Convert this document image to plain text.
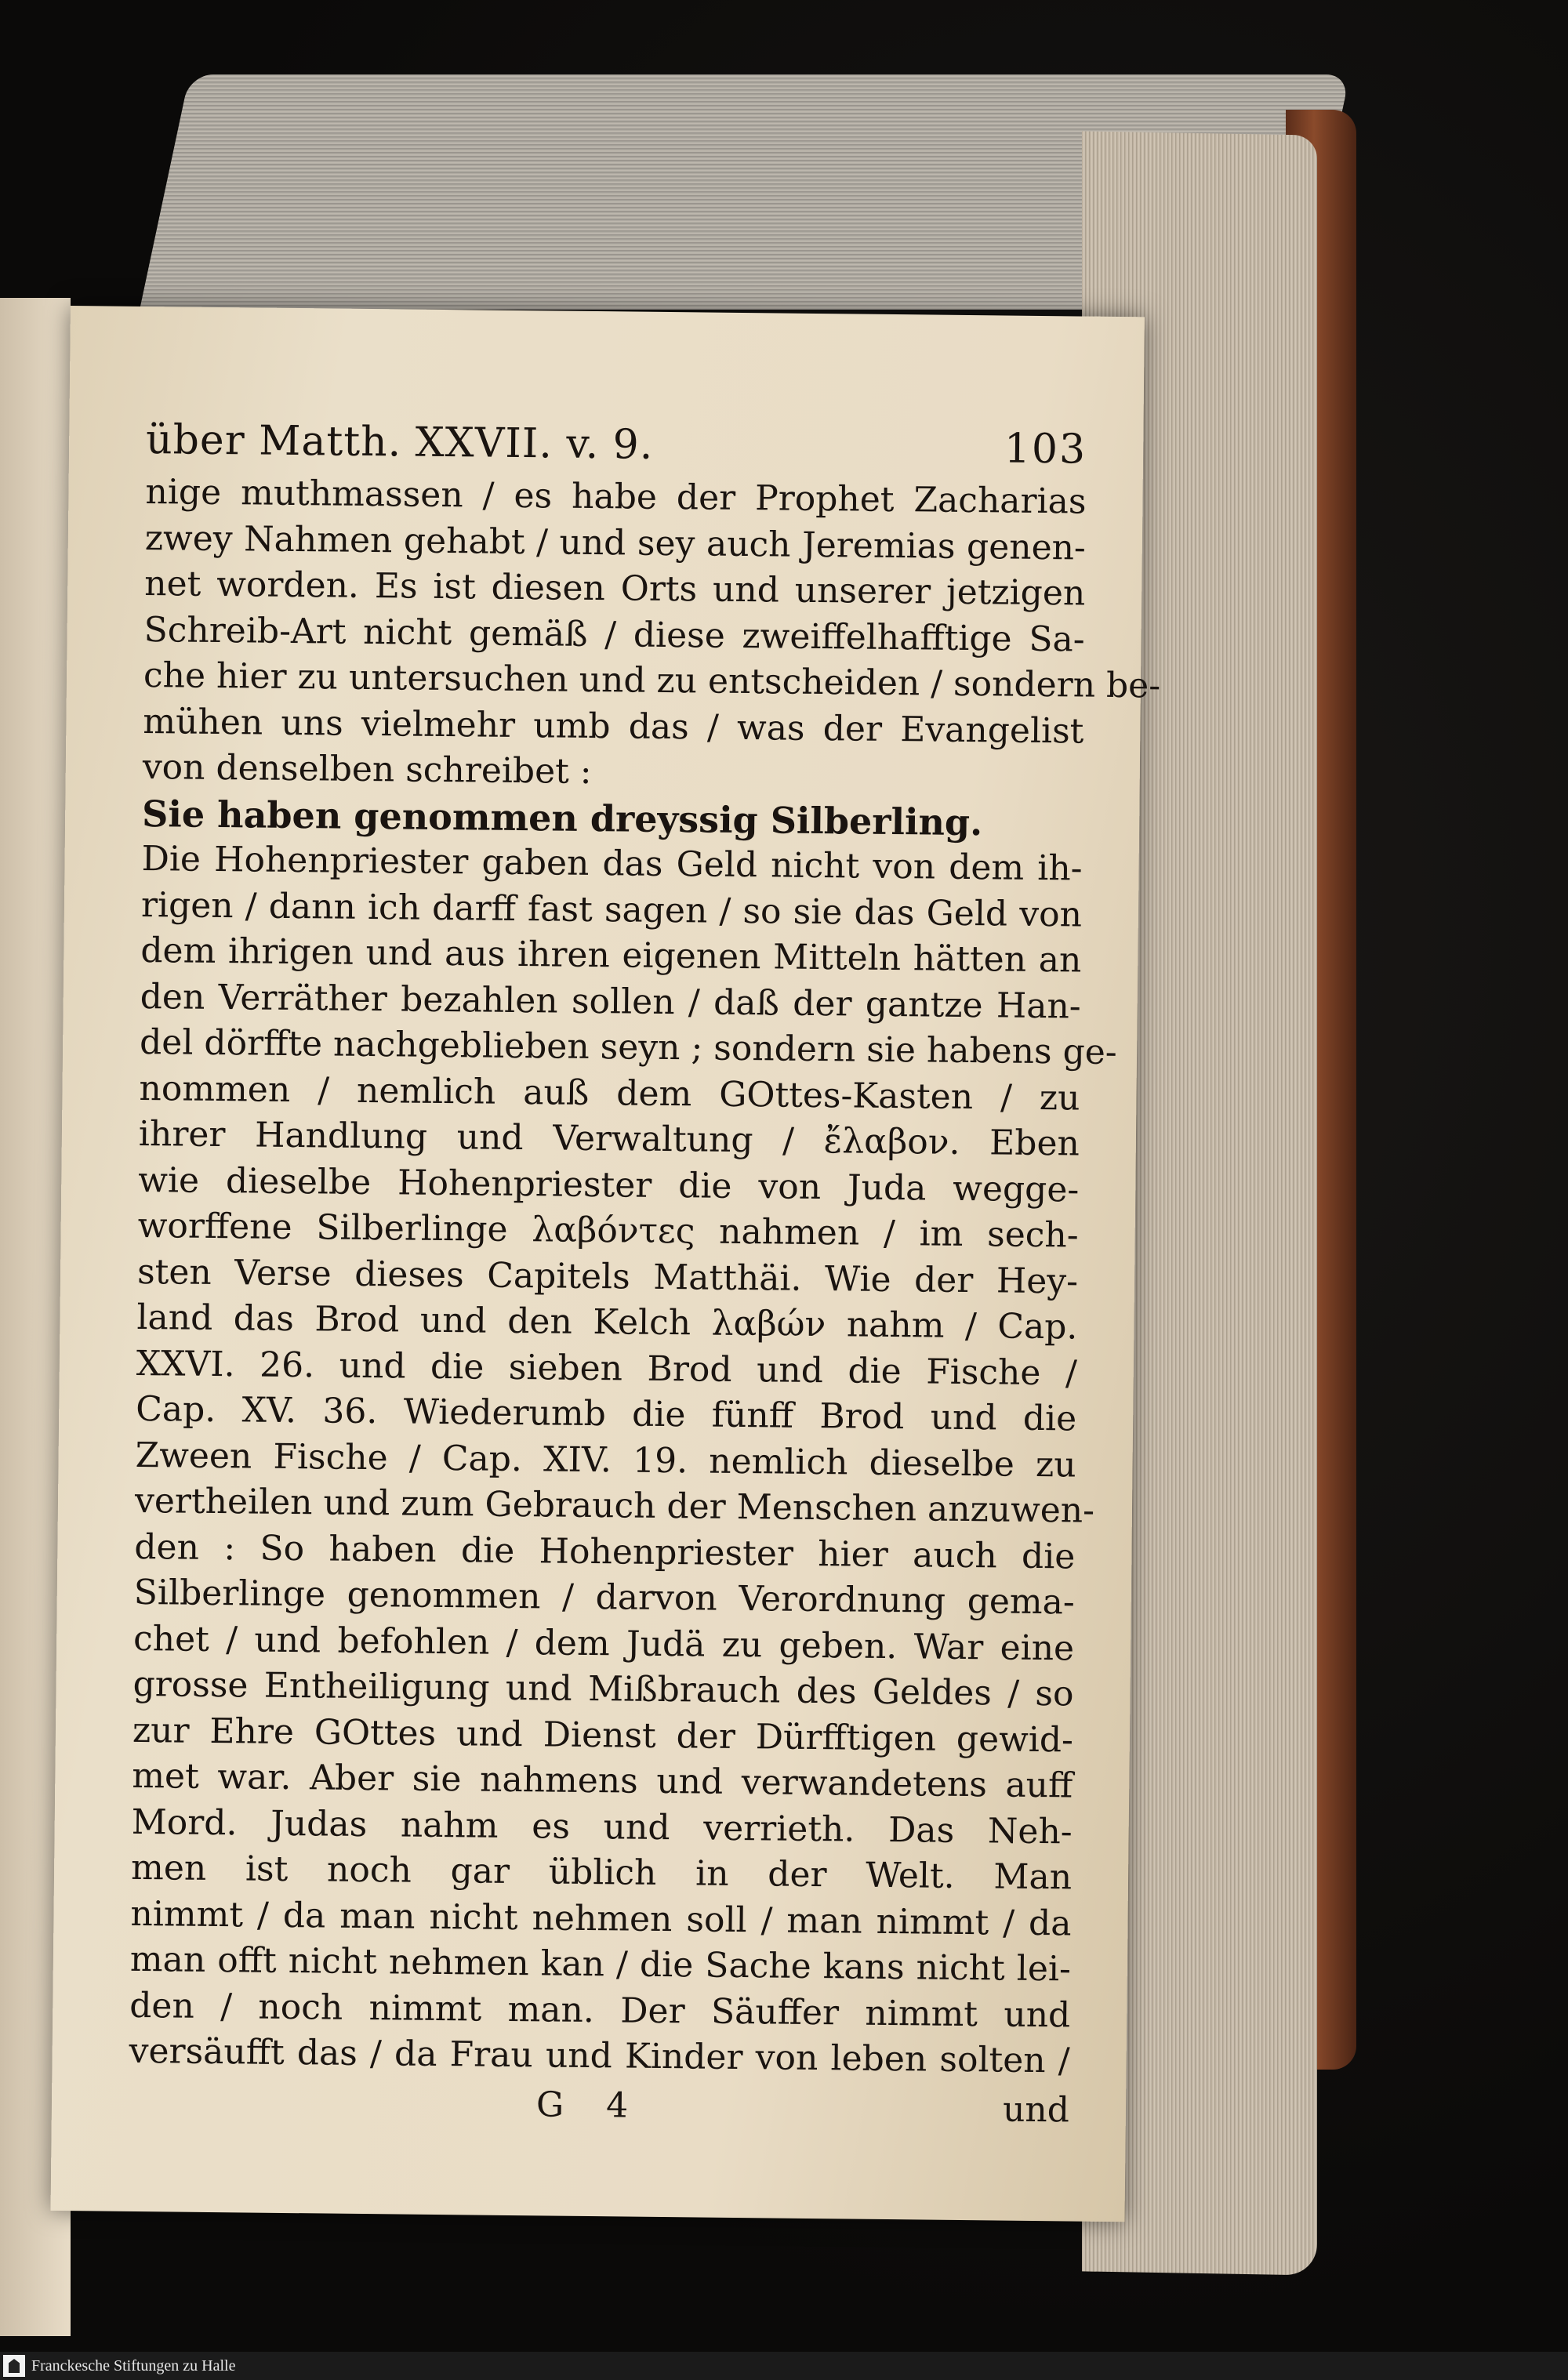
über Matth. XXVII. v. 9.	103
nige muthmassen / es habe der Prophet Zacharias
zwey Nahmen gehabt / und sey auch Jeremias genen-
net worden. Es ist diesen Orts und unserer jetzigen
Schreib-Art nicht gemäß / diese zweiffelhafftige Sa-
che hier zu untersuchen und zu entscheiden / sondern be-
mühen uns vielmehr umb das / was der Evangelist
von denselben schreibet :
Sie haben genommen dreyssig Silberling.
Die Hohenpriester gaben das Geld nicht von dem ih-
rigen / dann ich darff fast sagen / so sie das Geld von
dem ihrigen und aus ihren eigenen Mitteln hätten an
den Verräther bezahlen sollen / daß der gantze Han-
del dörffte nachgeblieben seyn ; sondern sie habens ge-
nommen / nemlich auß dem GOttes-Kasten / zu
ihrer Handlung und Verwaltung / ἔλαβον. Eben
wie dieselbe Hohenpriester die von Juda wegge-
worffene Silberlinge λαβόντες nahmen / im sech-
sten Verse dieses Capitels Matthäi. Wie der Hey-
land das Brod und den Kelch λαβών nahm / Cap.
XXVI. 26. und die sieben Brod und die Fische /
Cap. XV. 36. Wiederumb die fünff Brod und die
Zween Fische / Cap. XIV. 19. nemlich dieselbe zu
vertheilen und zum Gebrauch der Menschen anzuwen-
den : So haben die Hohenpriester hier auch die
Silberlinge genommen / darvon Verordnung gema-
chet / und befohlen / dem Judä zu geben. War eine
grosse Entheiligung und Mißbrauch des Geldes / so
zur Ehre GOttes und Dienst der Dürfftigen gewid-
met war. Aber sie nahmens und verwandetens auff
Mord. Judas nahm es und verrieth. Das Neh-
men ist noch gar üblich in der Welt. Man
nimmt / da man nicht nehmen soll / man nimmt / da
man offt nicht nehmen kan / die Sache kans nicht lei-
den / noch nimmt man. Der Säuffer nimmt und
versäufft das / da Frau und Kinder von leben solten /
G 4	und
Franckesche Stiftungen zu Halle
